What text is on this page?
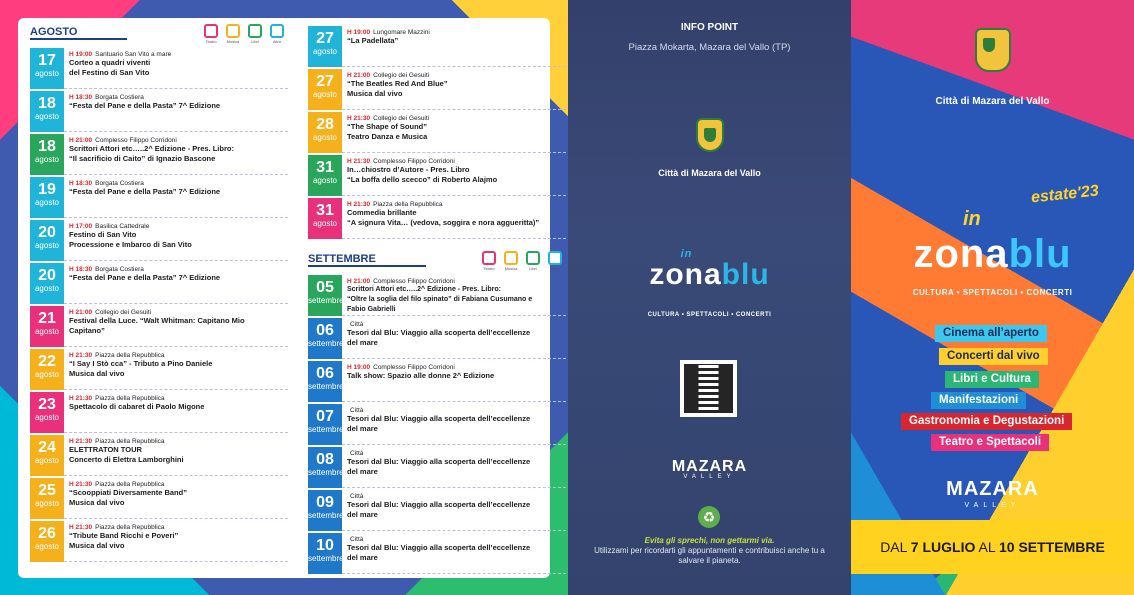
AGOSTO
Teatro	Musica	Libri	Altro
17
agosto
H 19:00 Santuario San Vito a mare
Corteo a quadri viventi
del Festino di San Vito
18
agosto
H 18:30 Borgata Costiera
“Festa del Pane e della Pasta” 7^ Edizione
18
agosto
H 21:00 Complesso Filippo Corridoni
Scrittori Attori etc…..2^ Edizione - Pres. Libro:
“Il sacrificio di Caito” di Ignazio Bascone
19
agosto
H 18:30 Borgata Costiera
“Festa del Pane e della Pasta” 7^ Edizione
20
agosto
H 17:00 Basilica Cattedrale
Festino di San Vito
Processione e Imbarco di San Vito
20
agosto
H 18:30 Borgata Costiera
“Festa del Pane e della Pasta” 7^ Edizione
21
agosto
H 21:00 Collegio dei Gesuiti
Festival della Luce. “Walt Whitman: Capitano Mio
Capitano”
22
agosto
H 21:30 Piazza della Repubblica
“I Say I Stò cca” - Tributo a Pino Daniele
Musica dal vivo
23
agosto
H 21:30 Piazza della Repubblica
Spettacolo di cabaret di Paolo Migone
24
agosto
H 21:30 Piazza della Repubblica
ELETTRATON TOUR
Concerto di Elettra Lamborghini
25
agosto
H 21:30 Piazza della Repubblica
“Scooppiati Diversamente Band”
Musica dal vivo
26
agosto
H 21:30 Piazza della Repubblica
“Tribute Band Ricchi e Poveri”
Musica dal vivo
27
agosto
H 19:00 Lungomare Mazzini
“La Padellata”
27
agosto
H 21:00 Collegio dei Gesuiti
“The Beatles Red And Blue”
Musica dal vivo
28
agosto
H 21:30 Collegio dei Gesuiti
“The Shape of Sound”
Teatro Danza e Musica
31
agosto
H 21:30 Complesso Filippo Corridoni
In…chiostro d’Autore - Pres. Libro
“La boffa dello scecco” di Roberto Alajmo
31
agosto
H 21:30 Piazza della Repubblica
Commedia brillante
“A signura Vita… (vedova, soggira e nora aggueritta)”
SETTEMBRE
Teatro	Musica	Libri	Altro
05
settembre
H 21:00 Complesso Filippo Corridoni
Scrittori Attori etc…..2^ Edizione - Pres. Libro:
“Oltre la soglia del filo spinato” di Fabiana Cusumano e
Fabio Gabrielli
06
settembre
Città
Tesori dal Blu: Viaggio alla scoperta dell’eccellenze
del mare
06
settembre
H 19:00 Complesso Filippo Corridoni
Talk show: Spazio alle donne 2^ Edizione
07
settembre
Città
Tesori dal Blu: Viaggio alla scoperta dell’eccellenze
del mare
08
settembre
Città
Tesori dal Blu: Viaggio alla scoperta dell’eccellenze
del mare
09
settembre
Città
Tesori dal Blu: Viaggio alla scoperta dell’eccellenze
del mare
10
settembre
Città
Tesori dal Blu: Viaggio alla scoperta dell’eccellenze
del mare
INFO POINT
Piazza Mokarta, Mazara del Vallo (TP)
Città di Mazara del Vallo
in
zonablu
CULTURA • SPETTACOLI • CONCERTI
MAZARA
VALLEY
♻
Evita gli sprechi, non gettarmi via.
Utilizzami per ricordarti gli appuntamenti e contribuisci anche tu a salvare il pianeta.
Città di Mazara del Vallo
estate'23
in
zonablu
CULTURA • SPETTACOLI • CONCERTI
Cinema all’aperto
Concerti dal vivo
Libri e Cultura
Manifestazioni
Gastronomia e Degustazioni
Teatro e Spettacoli
MAZARA
VALLEY
DAL 7 LUGLIO AL 10 SETTEMBRE
